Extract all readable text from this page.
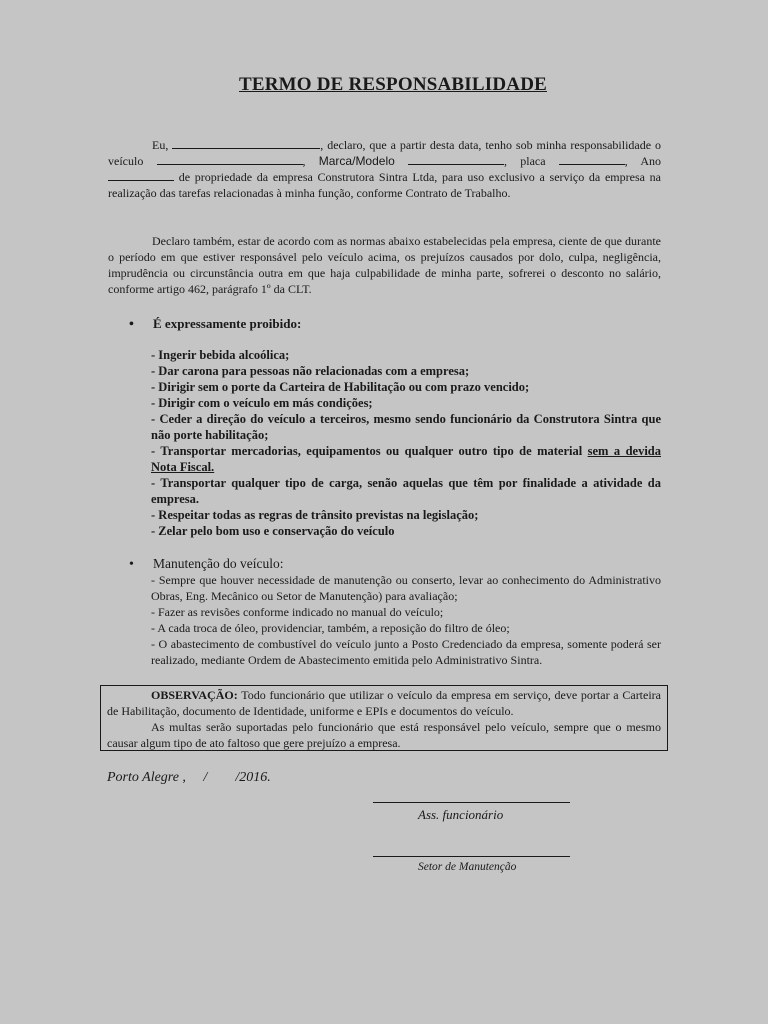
TERMO DE RESPONSABILIDADE
Eu,	, declaro, que a partir desta data, tenho sob minha responsabilidade o veículo	, Marca/Modelo	, placa	, Ano  de propriedade da empresa Construtora Sintra Ltda, para uso exclusivo a serviço da empresa na realização das tarefas relacionadas à minha função, conforme Contrato de Trabalho.
Declaro também, estar de acordo com as normas abaixo estabelecidas pela empresa, ciente de que durante o período em que estiver responsável pelo veículo acima, os prejuízos causados por dolo, culpa, negligência, imprudência ou circunstância outra em que haja culpabilidade de minha parte, sofrerei o desconto no salário, conforme artigo 462, parágrafo 1º da CLT.
• É expressamente proibido:
- Ingerir bebida alcoólica;
- Dar carona para pessoas não relacionadas com a empresa;
- Dirigir sem o porte da Carteira de Habilitação ou com prazo vencido;
- Dirigir com o veículo em más condições;
- Ceder a direção do veículo a terceiros, mesmo sendo funcionário da Construtora Sintra que não porte habilitação;
- Transportar mercadorias, equipamentos ou qualquer outro tipo de material sem a devida Nota Fiscal.
- Transportar qualquer tipo de carga, senão aquelas que têm por finalidade a atividade da empresa.
- Respeitar todas as regras de trânsito previstas na legislação;
- Zelar pelo bom uso e conservação do veículo
• Manutenção do veículo:
- Sempre que houver necessidade de manutenção ou conserto, levar ao conhecimento do Administrativo Obras, Eng. Mecânico ou Setor de Manutenção) para avaliação;
- Fazer as revisões conforme indicado no manual do veículo;
- A cada troca de óleo, providenciar, também, a reposição do filtro de óleo;
- O abastecimento de combustível do veículo junto a Posto Credenciado da empresa, somente poderá ser realizado, mediante Ordem de Abastecimento emitida pelo Administrativo Sintra.
OBSERVAÇÃO: Todo funcionário que utilizar o veículo da empresa em serviço, deve portar a Carteira de Habilitação, documento de Identidade, uniforme e EPIs e documentos do veículo.
As multas serão suportadas pelo funcionário que está responsável pelo veículo, sempre que o mesmo causar algum tipo de ato faltoso que gere prejuízo a empresa.
Porto Alegre ,     /        /2016.
Ass. funcionário
Setor de Manutenção
